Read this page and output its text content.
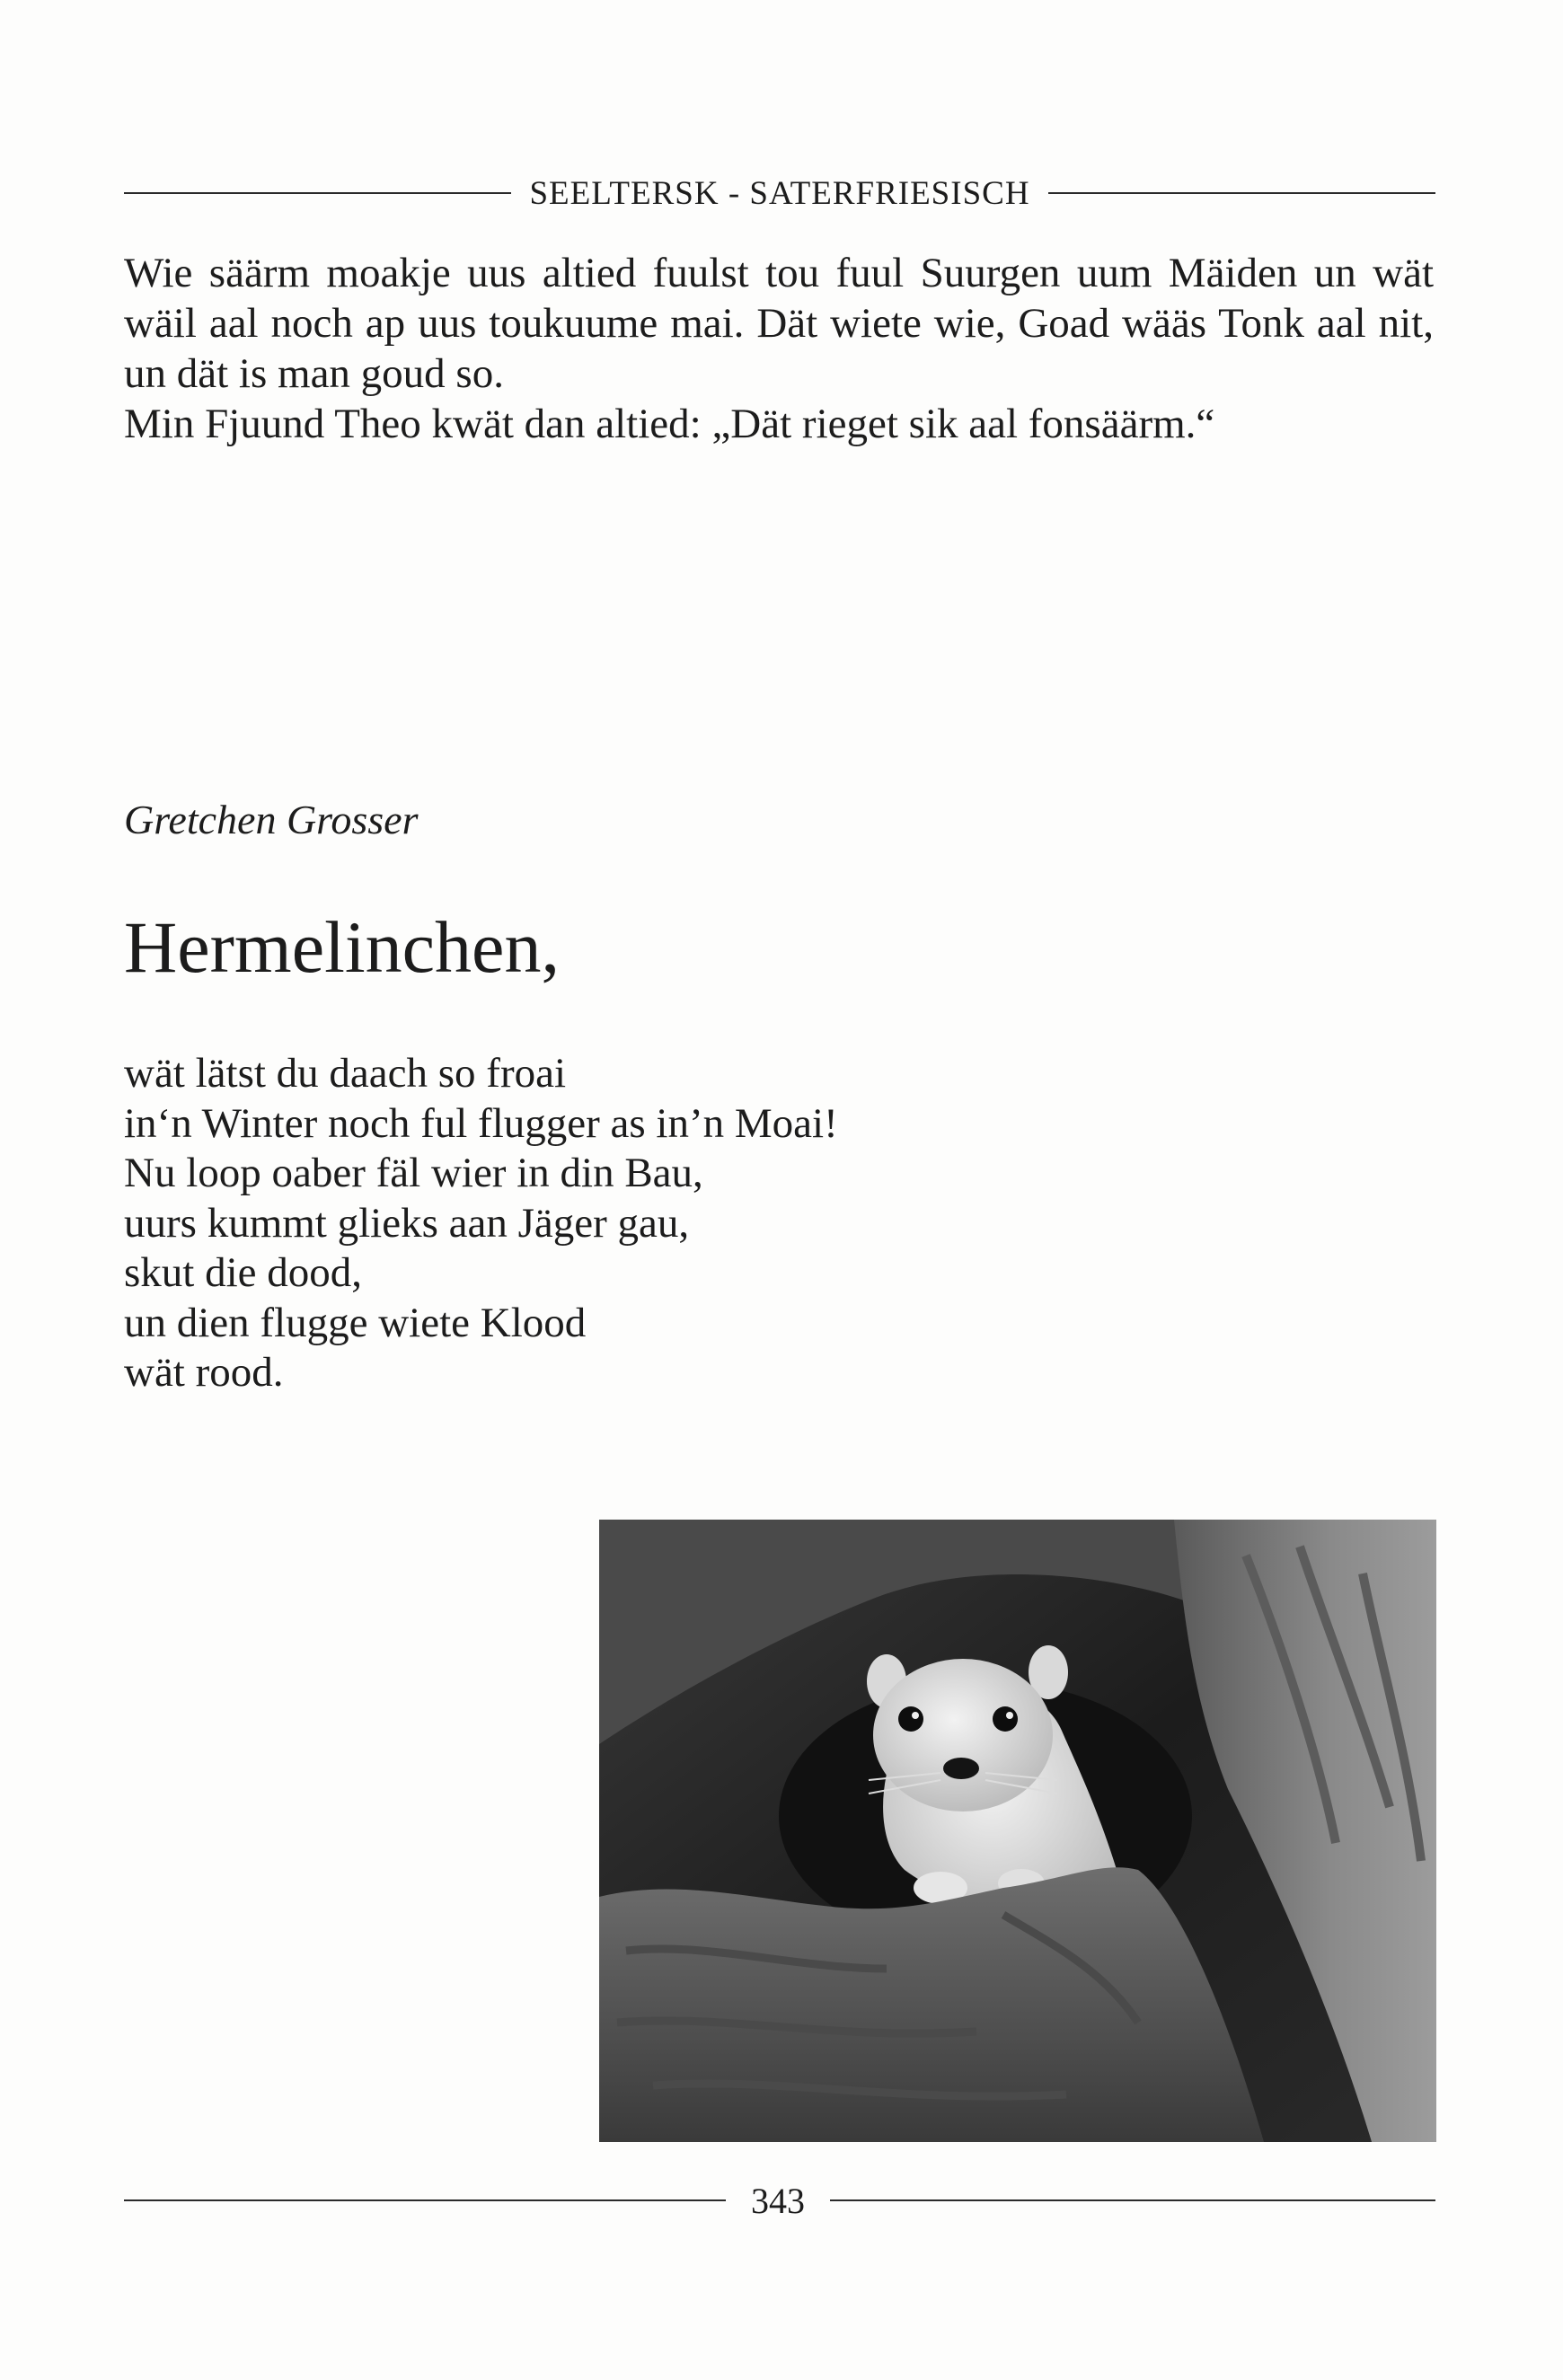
SEELTERSK - SATERFRIESISCH

Wie säärm moakje uus altied fuulst tou fuul Suurgen uum Mäiden un wät wäil aal noch ap uus toukuume mai. Dät wiete wie, Goad wääs Tonk aal nit, un dät is man goud so.

Min Fjuund Theo kwät dan altied: „Dät rieget sik aal fonsäärm.“

Gretchen Grosser

Hermelinchen,
wät lätst du daach so froai
in‘n Winter noch ful flugger as in’n Moai!
Nu loop oaber fäl wier in din Bau,
uurs kummt glieks aan Jäger gau,
skut die dood,
un dien flugge wiete Klood
wät rood.
343
